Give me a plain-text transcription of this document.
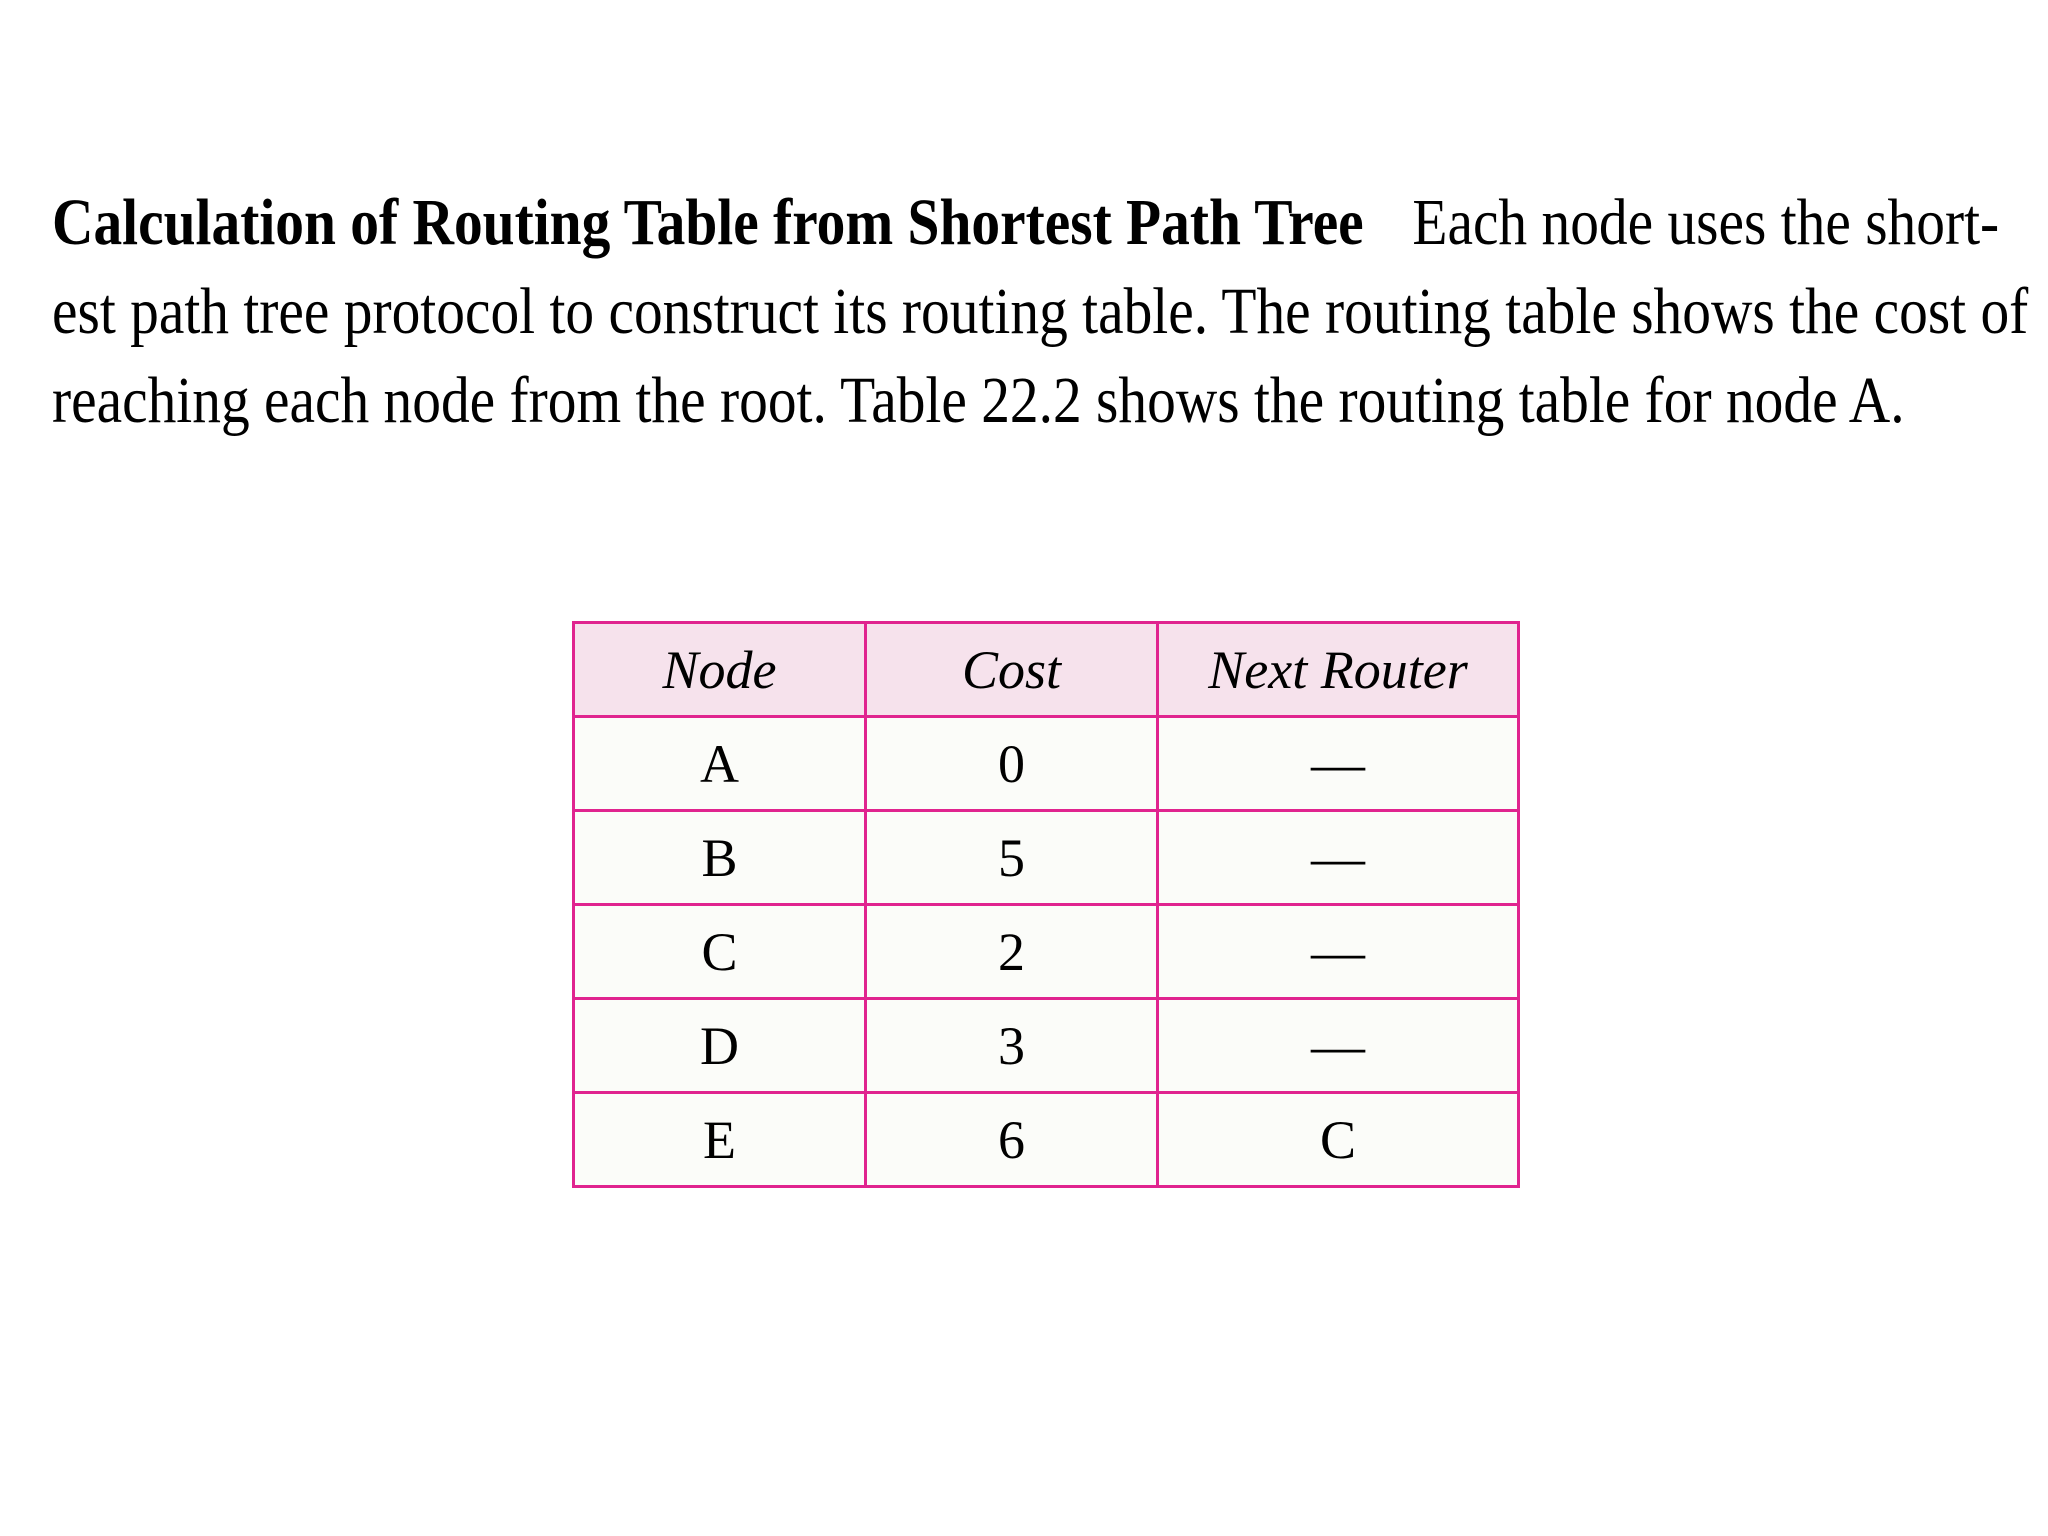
Calculation of Routing Table from Shortest Path Tree Each node uses the short-
est path tree protocol to construct its routing table. The routing table shows the cost of
reaching each node from the root. Table 22.2 shows the routing table for node A.
Node	Cost	Next Router
A	0	—
B	5	—
C	2	—
D	3	—
E	6	C
